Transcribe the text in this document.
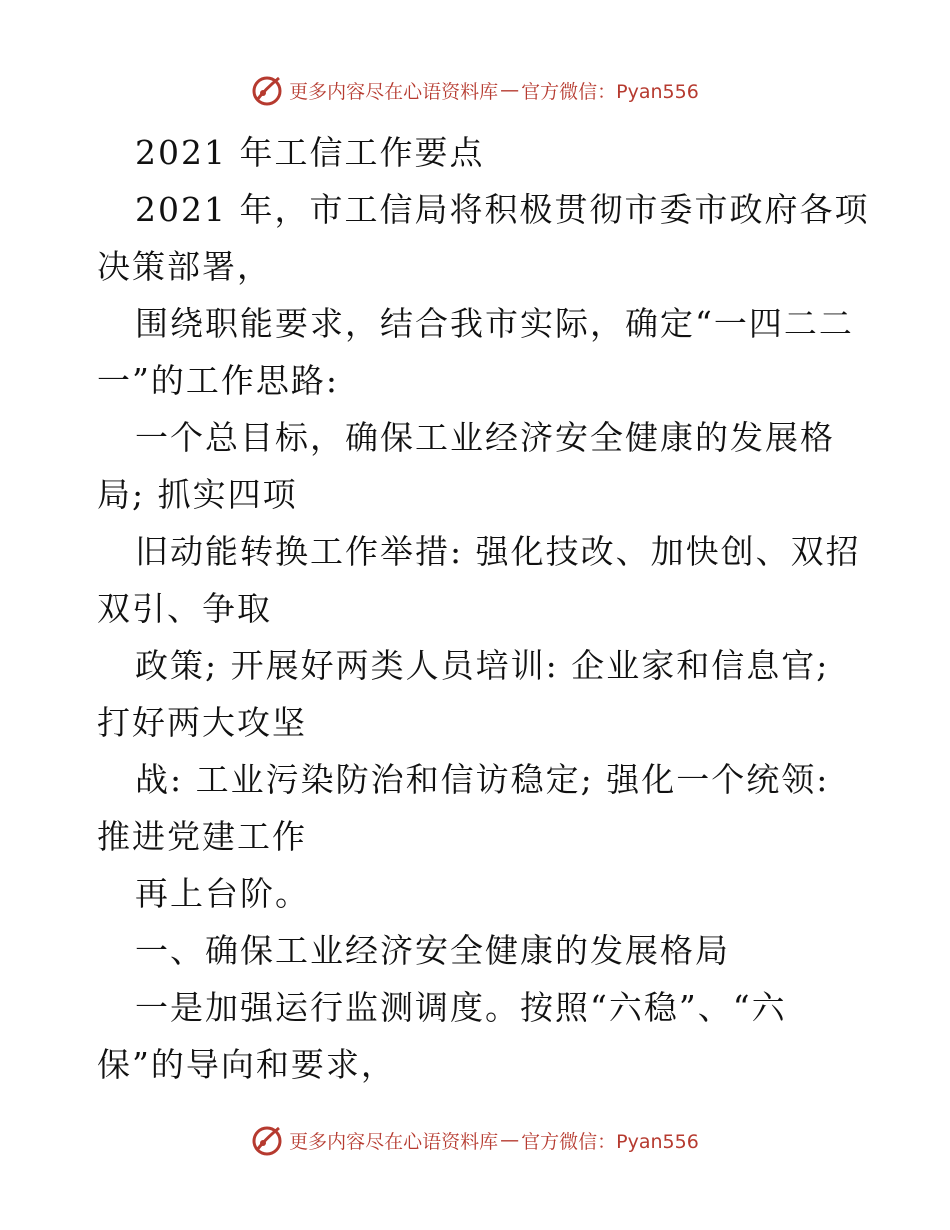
更多内容尽在心语资料库 — 官方微信：Pyan556

2021 年工信工作要点

2021 年，市工信局将积极贯彻市委市政府各项

决策部署，

围绕职能要求，结合我市实际，确定“一四二二

一”的工作思路:

一个总目标，确保工业经济安全健康的发展格

局; 抓实四项

旧动能转换工作举措: 强化技改、加快创、双招

双引、争取

政策; 开展好两类人员培训: 企业家和信息官;

打好两大攻坚

战: 工业污染防治和信访稳定; 强化一个统领:

推进党建工作

再上台阶。

一、确保工业经济安全健康的发展格局

一是加强运行监测调度。按照“六稳”、“六

保”的导向和要求，

更多内容尽在心语资料库 — 官方微信：Pyan556
